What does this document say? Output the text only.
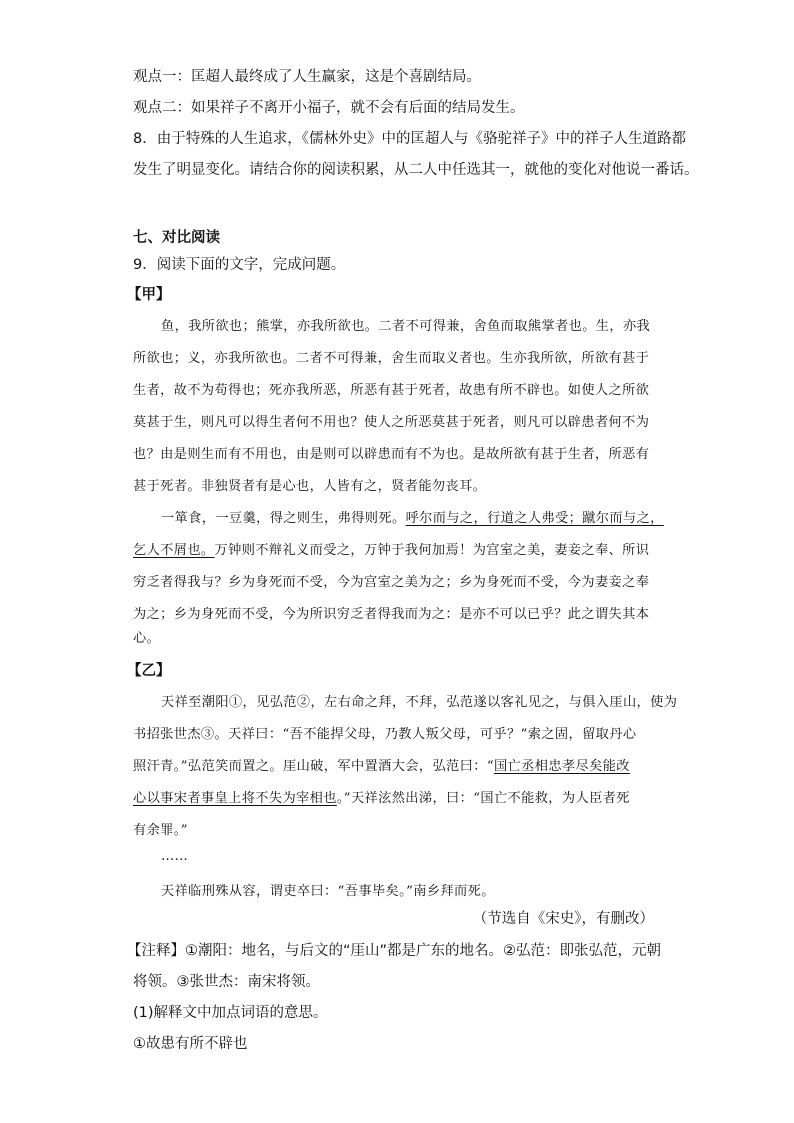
观点一：匡超人最终成了人生赢家，这是个喜剧结局。
观点二：如果祥子不离开小福子，就不会有后面的结局发生。
8．由于特殊的人生追求，《儒林外史》中的匡超人与《骆驼祥子》中的祥子人生道路都
发生了明显变化。请结合你的阅读积累，从二人中任选其一，就他的变化对他说一番话。
七、对比阅读
9．阅读下面的文字，完成问题。
【甲】
鱼，我所欲也；熊掌，亦我所欲也。二者不可得兼，舍鱼而取熊掌者也。生，亦我
所欲也；义，亦我所欲也。二者不可得兼，舍生而取义者也。生亦我所欲，所欲有甚于
生者，故不为苟得也；死亦我所恶，所恶有甚于死者，故患有所不辟也。如使人之所欲
莫甚于生，则凡可以得生者何不用也？使人之所恶莫甚于死者，则凡可以辟患者何不为
也？由是则生而有不用也，由是则可以辟患而有不为也。是故所欲有甚于生者，所恶有
甚于死者。非独贤者有是心也，人皆有之，贤者能勿丧耳。
一箪食，一豆羹，得之则生，弗得则死。呼尔而与之，行道之人弗受；蹴尔而与之，
乞人不屑也。万钟则不辩礼义而受之，万钟于我何加焉！为宫室之美，妻妾之奉、所识
穷乏者得我与？乡为身死而不受，今为宫室之美为之；乡为身死而不受，今为妻妾之奉
为之；乡为身死而不受，今为所识穷乏者得我而为之：是亦不可以已乎？此之谓失其本
心。
【乙】
天祥至潮阳①，见弘范②，左右命之拜，不拜，弘范遂以客礼见之，与俱入厓山，使为
书招张世杰③。天祥曰：“吾不能捍父母，乃教人叛父母，可乎？”索之固，留取丹心
照汗青。”弘范笑而置之。厓山破，军中置酒大会，弘范曰：“国亡丞相忠孝尽矣能改
心以事宋者事皇上将不失为宰相也。”天祥泫然出涕，曰：“国亡不能救，为人臣者死
有余罪。”
……
天祥临刑殊从容，谓吏卒曰：“吾事毕矣。”南乡拜而死。
（节选自《宋史》，有删改）
【注释】①潮阳：地名，与后文的“厓山”都是广东的地名。②弘范：即张弘范，元朝
将领。③张世杰：南宋将领。
(1)解释文中加点词语的意思。
①故患有所不辟也
